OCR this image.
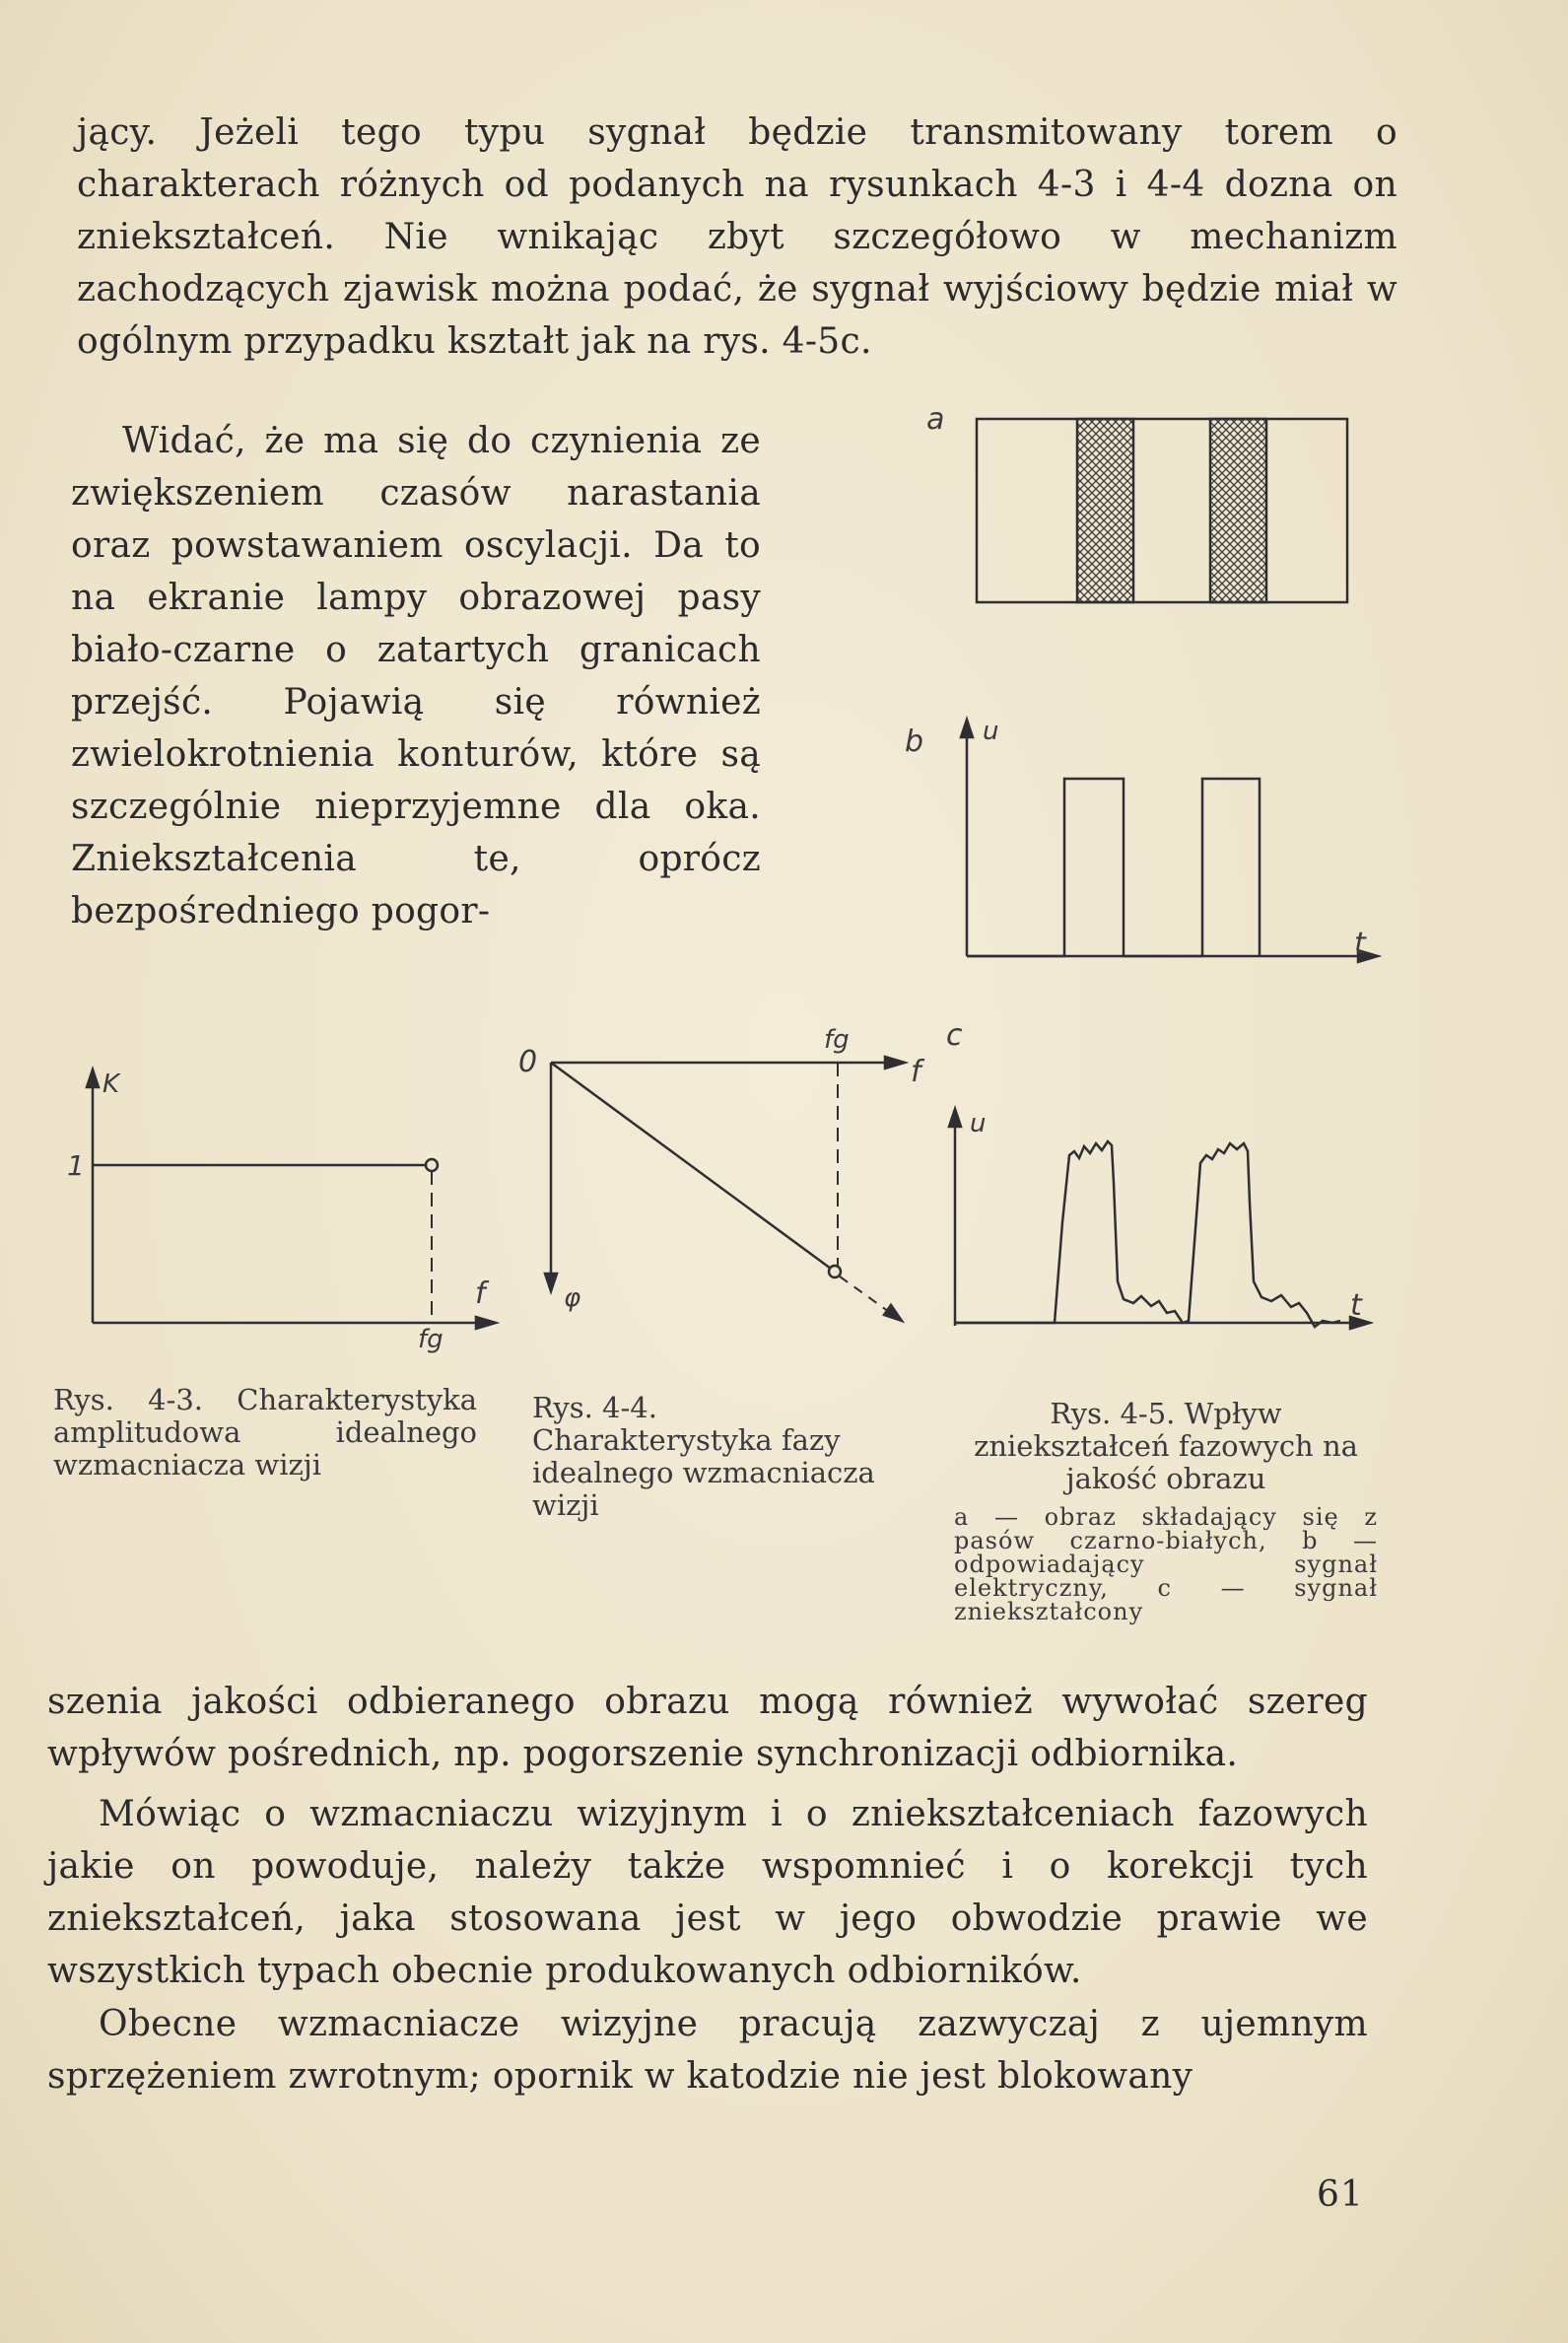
jący. Jeżeli tego typu sygnał będzie transmitowany torem o charakterach różnych od podanych na rysunkach 4-3 i 4-4 dozna on zniekształceń. Nie wnikając zbyt szczegółowo w mechanizm zachodzących zjawisk można podać, że sygnał wyjściowy będzie miał w ogólnym przypadku kształt jak na rys. 4-5c.

Widać, że ma się do czynienia ze zwiększeniem czasów narastania oraz powstawaniem oscylacji. Da to na ekranie lampy obrazowej pasy biało-czarne o zatartych granicach przejść. Pojawią się również zwielokrotnienia konturów, które są szczególnie nieprzyjemne dla oka. Zniekształcenia te, oprócz bezpośredniego pogor-

a
b u
t
c
u
t
K
1
f
fg
0
fg
f
φ

Rys. 4-3. Charakterystyka amplitudowa idealnego wzmacniacza wizji

Rys. 4-4. Charakterystyka fazy idealnego wzmacniacza wizji

Rys. 4-5. Wpływ zniekształceń fazowych na jakość obrazu
a — obraz składający się z pasów czarno-białych, b — odpowiadający sygnał elektryczny, c — sygnał zniekształcony

szenia jakości odbieranego obrazu mogą również wywołać szereg wpływów pośrednich, np. pogorszenie synchronizacji odbiornika.

Mówiąc o wzmacniaczu wizyjnym i o zniekształceniach fazowych jakie on powoduje, należy także wspomnieć i o korekcji tych zniekształceń, jaka stosowana jest w jego obwodzie prawie we wszystkich typach obecnie produkowanych odbiorników.

Obecne wzmacniacze wizyjne pracują zazwyczaj z ujemnym sprzężeniem zwrotnym; opornik w katodzie nie jest blokowany

61
